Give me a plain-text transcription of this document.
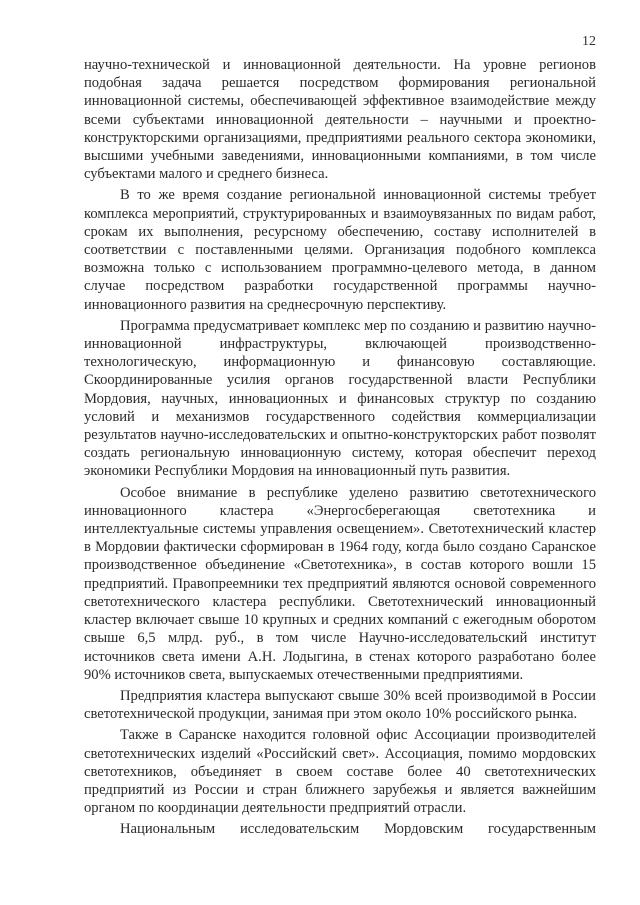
12

научно-технической и инновационной деятельности. На уровне регионов подобная задача решается посредством формирования региональной инновационной системы, обеспечивающей эффективное взаимодействие между всеми субъектами инновационной деятельности – научными и проектно-конструкторскими организациями, предприятиями реального сектора экономики, высшими учебными заведениями, инновационными компаниями, в том числе субъектами малого и среднего бизнеса.

В то же время создание региональной инновационной системы требует комплекса мероприятий, структурированных и взаимоувязанных по видам работ, срокам их выполнения, ресурсному обеспечению, составу исполнителей в соответствии с поставленными целями. Организация подобного комплекса возможна только с использованием программно-целевого метода, в данном случае посредством разработки государственной программы научно-инновационного развития на среднесрочную перспективу.

Программа предусматривает комплекс мер по созданию и развитию научно-инновационной инфраструктуры, включающей производственно-технологическую, информационную и финансовую составляющие. Скоординированные усилия органов государственной власти Республики Мордовия, научных, инновационных и финансовых структур по созданию условий и механизмов государственного содействия коммерциализации результатов научно-исследовательских и опытно-конструкторских работ позволят создать региональную инновационную систему, которая обеспечит переход экономики Республики Мордовия на инновационный путь развития.

Особое внимание в республике уделено развитию светотехнического инновационного кластера «Энергосберегающая светотехника и интеллектуальные системы управления освещением». Светотехнический кластер в Мордовии фактически сформирован в 1964 году, когда было создано Саранское производственное объединение «Светотехника», в состав которого вошли 15 предприятий. Правопреемники тех предприятий являются основой современного светотехнического кластера республики. Светотехнический инновационный кластер включает свыше 10 крупных и средних компаний с ежегодным оборотом свыше 6,5 млрд. руб., в том числе Научно-исследовательский институт источников света имени А.Н. Лодыгина, в стенах которого разработано более 90% источников света, выпускаемых отечественными предприятиями.

Предприятия кластера выпускают свыше 30% всей производимой в России светотехнической продукции, занимая при этом около 10% российского рынка.

Также в Саранске находится головной офис Ассоциации производителей светотехнических изделий «Российский свет». Ассоциация, помимо мордовских светотехников, объединяет в своем составе более 40 светотехнических предприятий из России и стран ближнего зарубежья и является важнейшим органом по координации деятельности предприятий отрасли.

Национальным исследовательским Мордовским государственным
